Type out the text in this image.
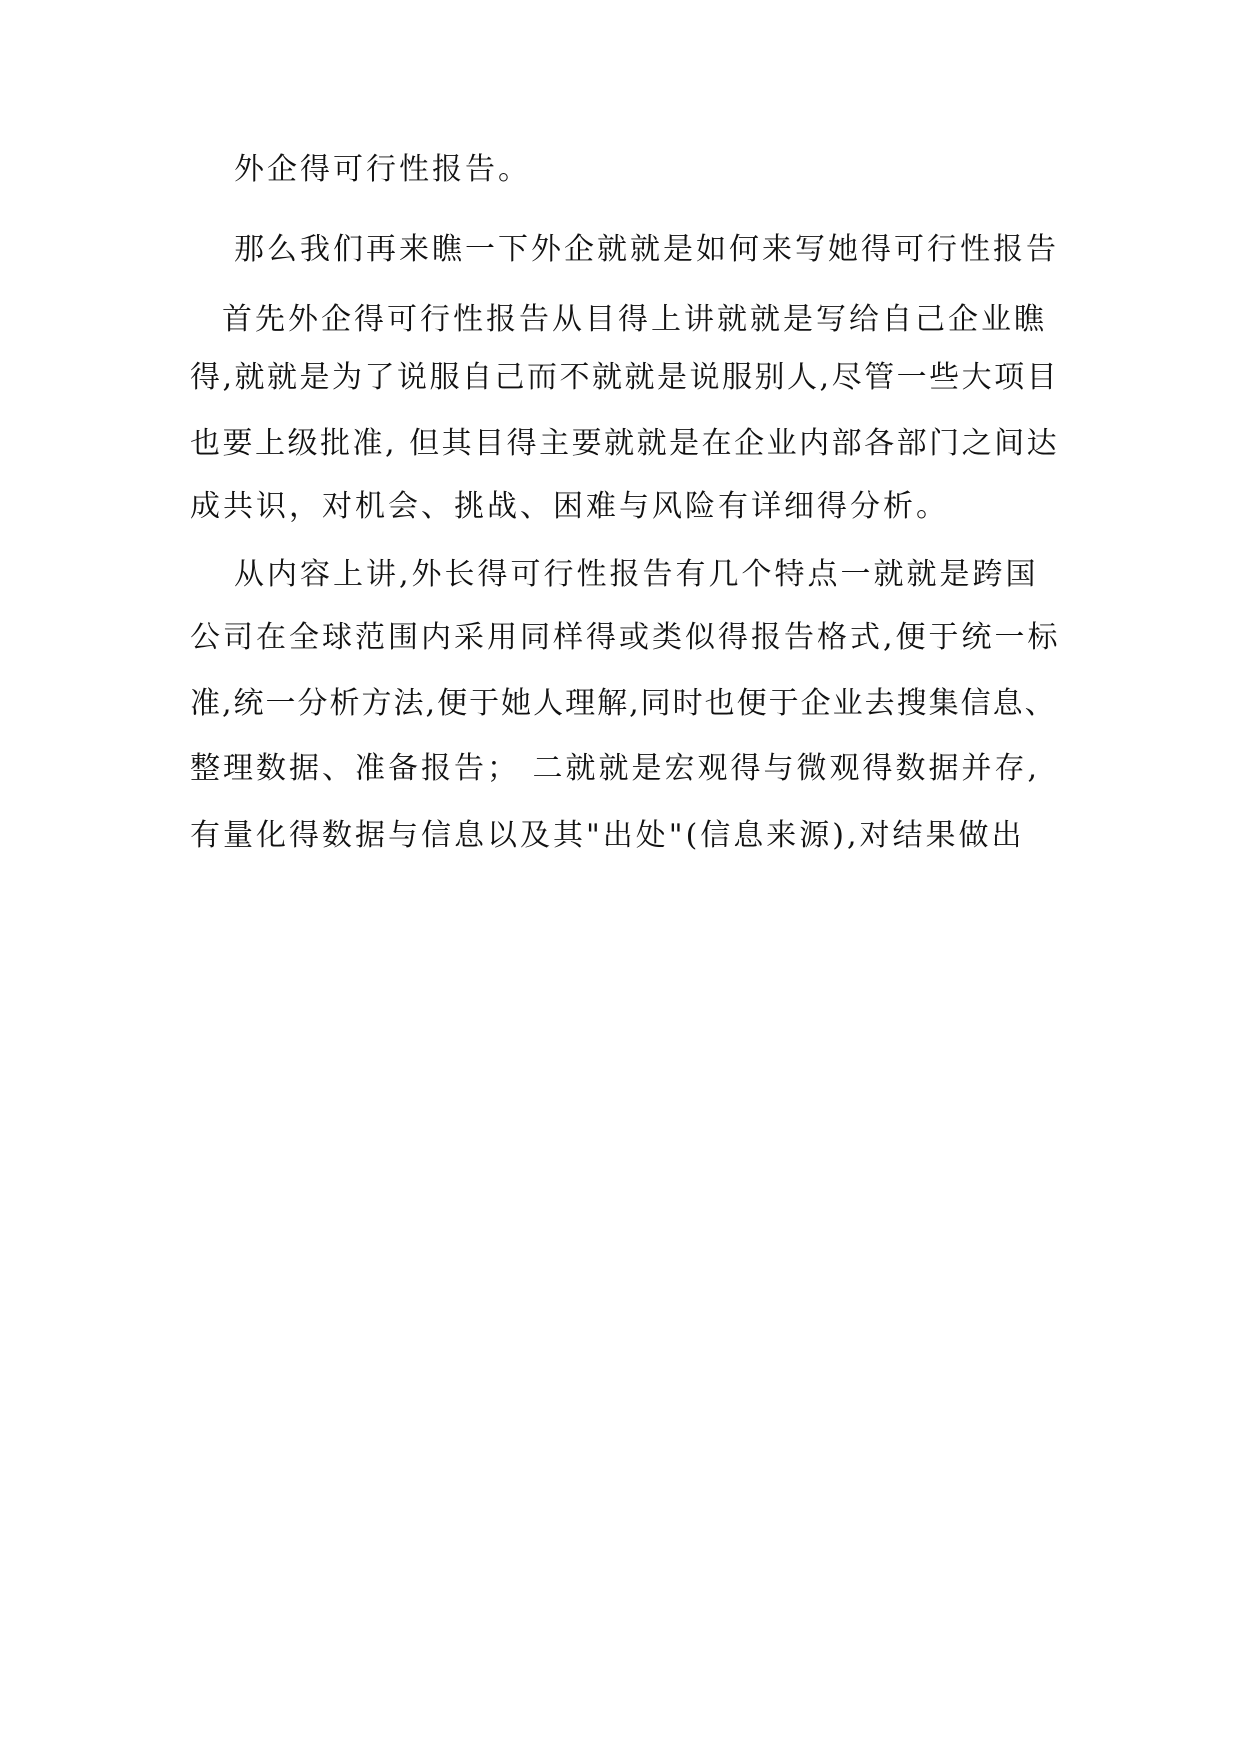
外企得可行性报告。
那么我们再来瞧一下外企就就是如何来写她得可行性报告
首先外企得可行性报告从目得上讲就就是写给自己企业瞧
得,就就是为了说服自己而不就就是说服别人,尽管一些大项目
也要上级批准, 但其目得主要就就是在企业内部各部门之间达
成共识，对机会、挑战、困难与风险有详细得分析。
从内容上讲,外长得可行性报告有几个特点一就就是跨国
公司在全球范围内采用同样得或类似得报告格式,便于统一标
准,统一分析方法,便于她人理解,同时也便于企业去搜集信息、
整理数据、准备报告； 二就就是宏观得与微观得数据并存,
有量化得数据与信息以及其"出处"(信息来源),对结果做出
